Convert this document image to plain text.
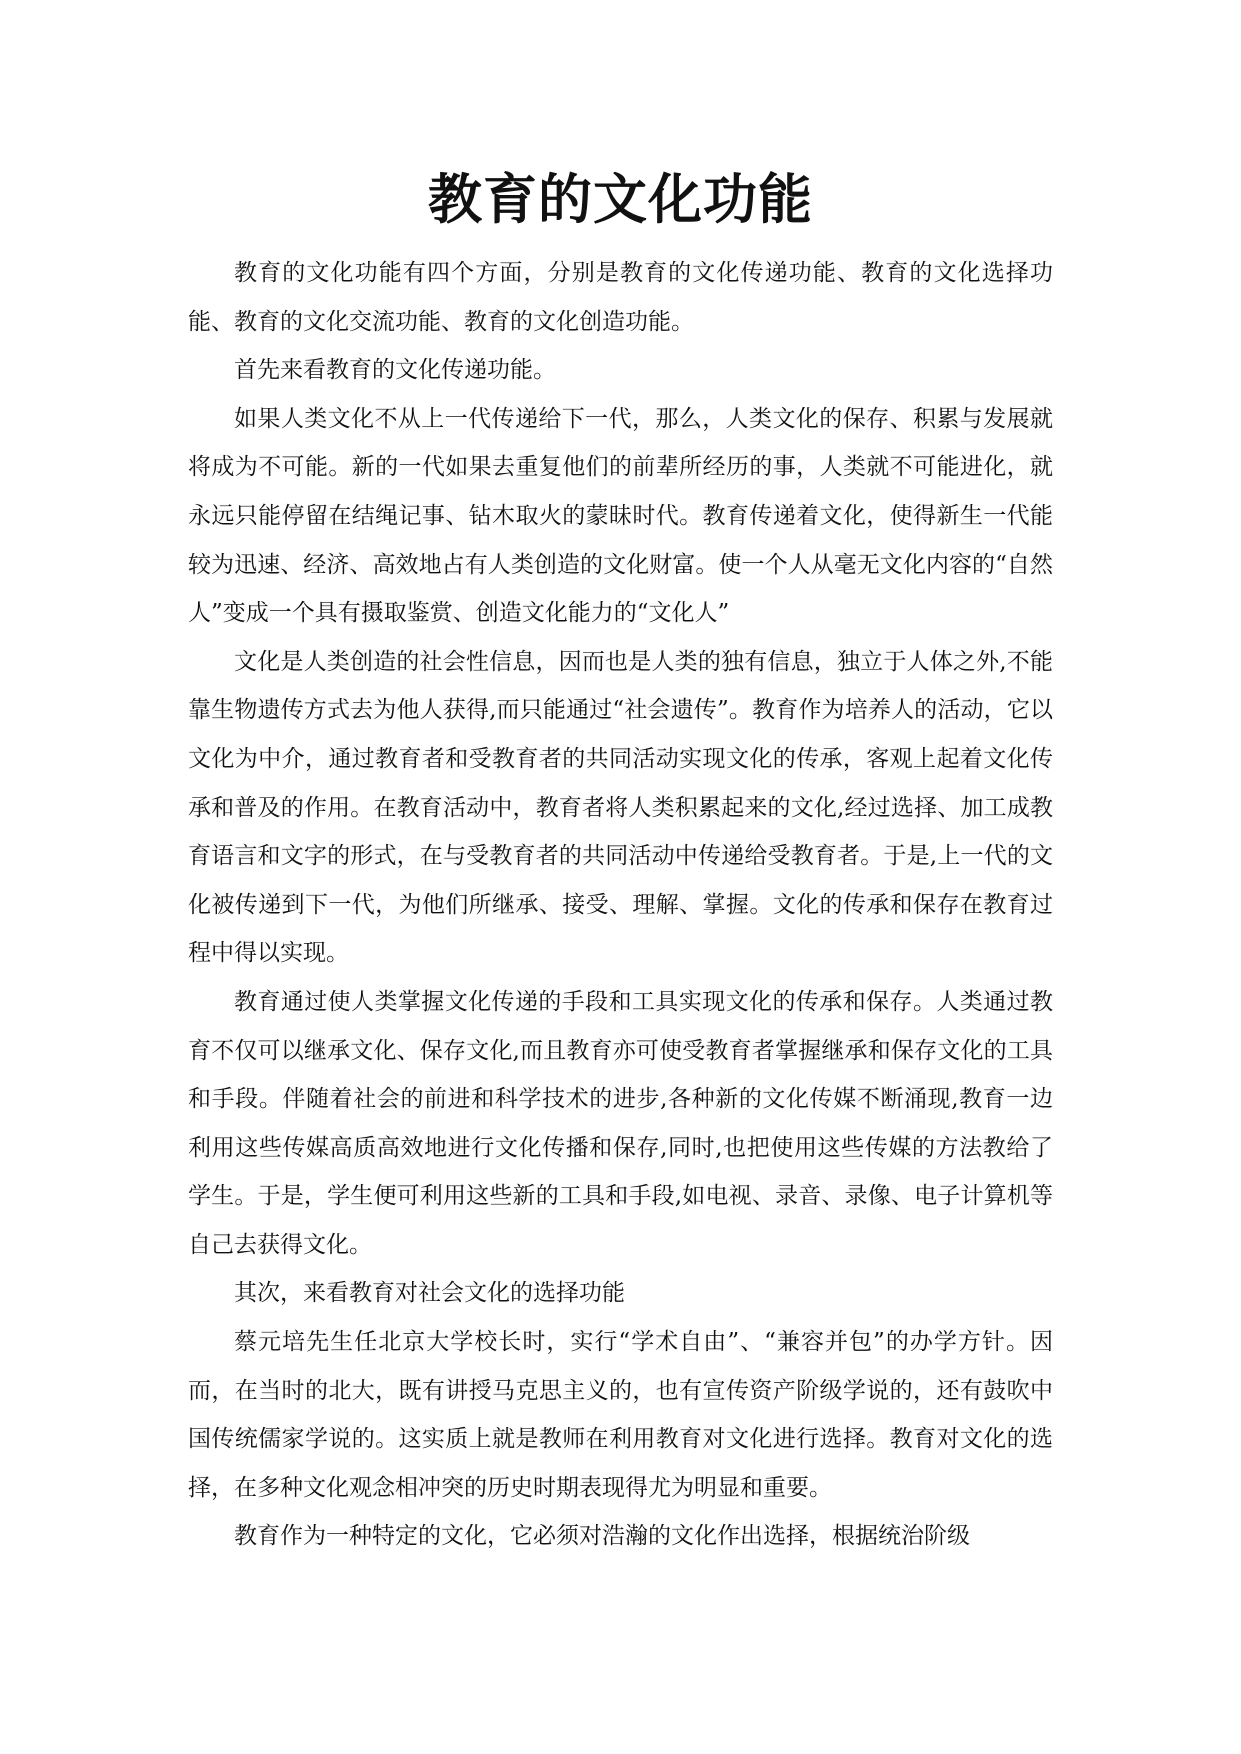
教育的文化功能

教育的文化功能有四个方面，分别是教育的文化传递功能、教育的文化选择功能、教育的文化交流功能、教育的文化创造功能。

首先来看教育的文化传递功能。

如果人类文化不从上一代传递给下一代，那么，人类文化的保存、积累与发展就将成为不可能。新的一代如果去重复他们的前辈所经历的事，人类就不可能进化，就永远只能停留在结绳记事、钻木取火的蒙昧时代。教育传递着文化，使得新生一代能较为迅速、经济、高效地占有人类创造的文化财富。使一个人从毫无文化内容的“自然人”变成一个具有摄取鉴赏、创造文化能力的“文化人”

文化是人类创造的社会性信息，因而也是人类的独有信息，独立于人体之外,不能靠生物遗传方式去为他人获得,而只能通过“社会遗传”。教育作为培养人的活动，它以文化为中介，通过教育者和受教育者的共同活动实现文化的传承，客观上起着文化传承和普及的作用。在教育活动中，教育者将人类积累起来的文化,经过选择、加工成教育语言和文字的形式，在与受教育者的共同活动中传递给受教育者。于是,上一代的文化被传递到下一代，为他们所继承、接受、理解、掌握。文化的传承和保存在教育过程中得以实现。

教育通过使人类掌握文化传递的手段和工具实现文化的传承和保存。人类通过教育不仅可以继承文化、保存文化,而且教育亦可使受教育者掌握继承和保存文化的工具和手段。伴随着社会的前进和科学技术的进步,各种新的文化传媒不断涌现,教育一边利用这些传媒高质高效地进行文化传播和保存,同时,也把使用这些传媒的方法教给了学生。于是，学生便可利用这些新的工具和手段,如电视、录音、录像、电子计算机等自己去获得文化。

其次，来看教育对社会文化的选择功能

蔡元培先生任北京大学校长时，实行“学术自由”、“兼容并包”的办学方针。因而，在当时的北大，既有讲授马克思主义的，也有宣传资产阶级学说的，还有鼓吹中国传统儒家学说的。这实质上就是教师在利用教育对文化进行选择。教育对文化的选择，在多种文化观念相冲突的历史时期表现得尤为明显和重要。

教育作为一种特定的文化，它必须对浩瀚的文化作出选择，根据统治阶级
